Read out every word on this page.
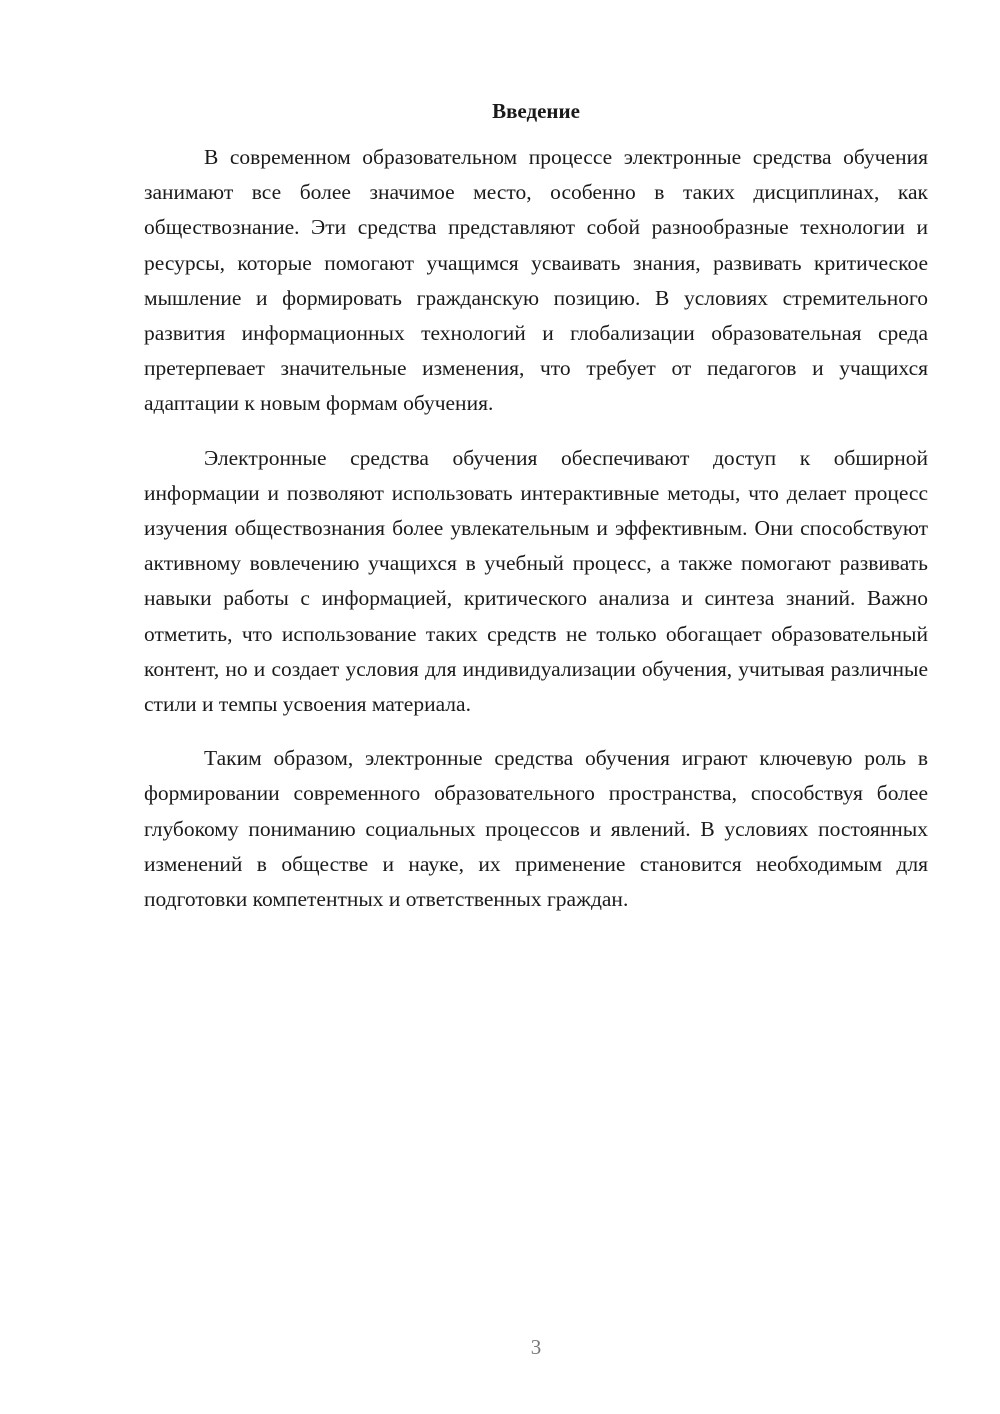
Введение

В современном образовательном процессе электронные средства обучения занимают все более значимое место, особенно в таких дисциплинах, как обществознание. Эти средства представляют собой разнообразные технологии и ресурсы, которые помогают учащимся усваивать знания, развивать критическое мышление и формировать гражданскую позицию. В условиях стремительного развития информационных технологий и глобализации образовательная среда претерпевает значительные изменения, что требует от педагогов и учащихся адаптации к новым формам обучения.

Электронные средства обучения обеспечивают доступ к обширной информации и позволяют использовать интерактивные методы, что делает процесс изучения обществознания более увлекательным и эффективным. Они способствуют активному вовлечению учащихся в учебный процесс, а также помогают развивать навыки работы с информацией, критического анализа и синтеза знаний. Важно отметить, что использование таких средств не только обогащает образовательный контент, но и создает условия для индивидуализации обучения, учитывая различные стили и темпы усвоения материала.

Таким образом, электронные средства обучения играют ключевую роль в формировании современного образовательного пространства, способствуя более глубокому пониманию социальных процессов и явлений. В условиях постоянных изменений в обществе и науке, их применение становится необходимым для подготовки компетентных и ответственных граждан.

3
